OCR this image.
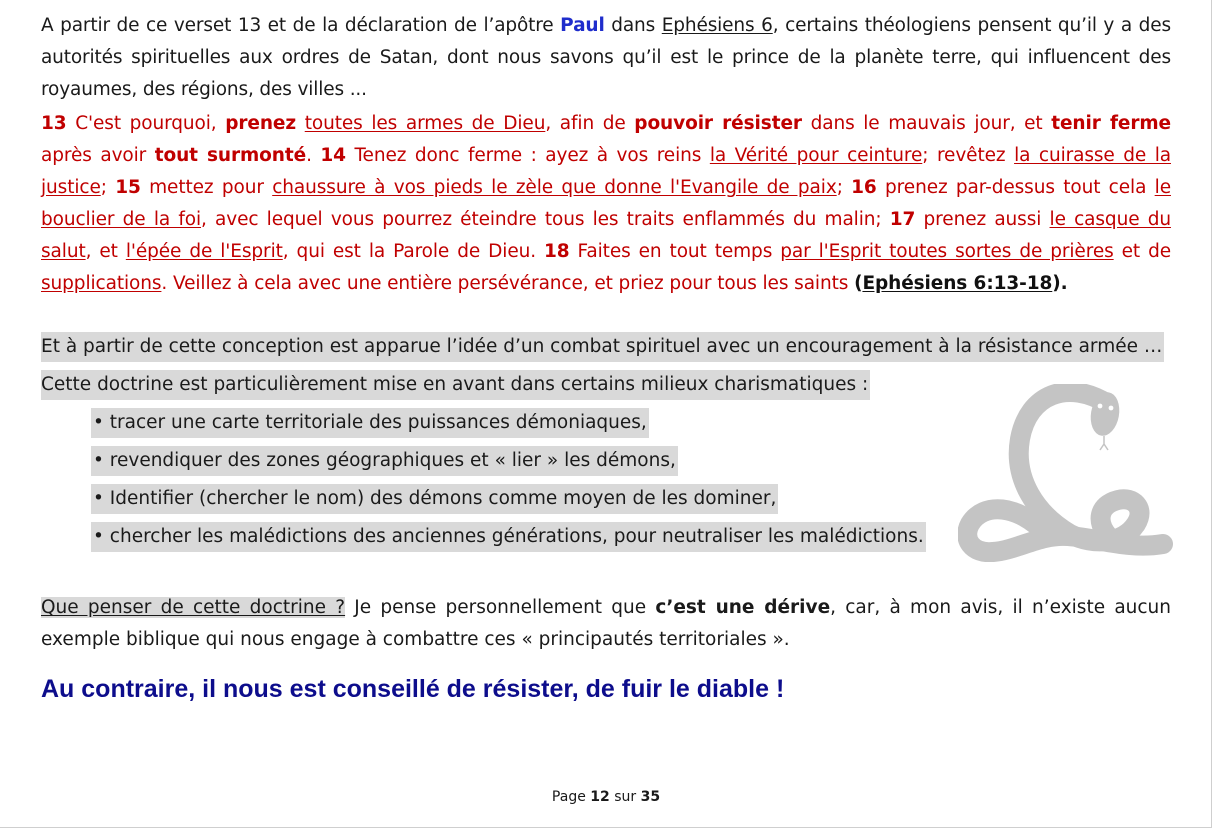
A partir de ce verset 13 et de la déclaration de l’apôtre Paul dans Ephésiens 6, certains théologiens pensent qu’il y a des autorités spirituelles aux ordres de Satan, dont nous savons qu’il est le prince de la planète terre, qui influencent des royaumes, des régions, des villes ...

13 C'est pourquoi, prenez toutes les armes de Dieu, afin de pouvoir résister dans le mauvais jour, et tenir ferme après avoir tout surmonté. 14 Tenez donc ferme : ayez à vos reins la Vérité pour ceinture; revêtez la cuirasse de la justice; 15 mettez pour chaussure à vos pieds le zèle que donne l'Evangile de paix; 16 prenez par-dessus tout cela le bouclier de la foi, avec lequel vous pourrez éteindre tous les traits enflammés du malin; 17 prenez aussi le casque du salut, et l'épée de l'Esprit, qui est la Parole de Dieu. 18 Faites en tout temps par l'Esprit toutes sortes de prières et de supplications. Veillez à cela avec une entière persévérance, et priez pour tous les saints (Ephésiens 6:13-18).

Et à partir de cette conception est apparue l’idée d’un combat spirituel avec un encouragement à la résistance armée …
Cette doctrine est particulièrement mise en avant dans certains milieux charismatiques :
• tracer une carte territoriale des puissances démoniaques,
• revendiquer des zones géographiques et « lier » les démons,
• Identifier (chercher le nom) des démons comme moyen de les dominer,
• chercher les malédictions des anciennes générations, pour neutraliser les malédictions.

Que penser de cette doctrine ? Je pense personnellement que c’est une dérive, car, à mon avis, il n’existe aucun exemple biblique qui nous engage à combattre ces « principautés territoriales ».

Au contraire, il nous est conseillé de résister, de fuir le diable !
Page 12 sur 35
